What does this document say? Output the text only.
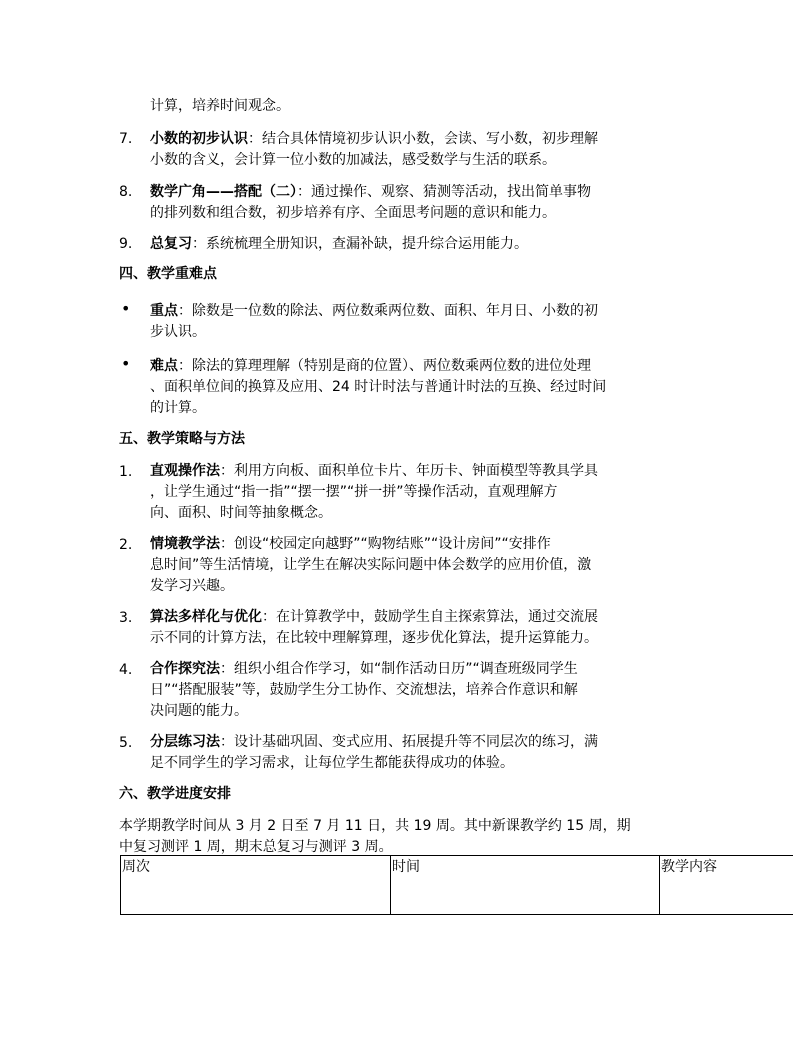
计算，培养时间观念。
7. 小数的初步认识：结合具体情境初步认识小数，会读、写小数，初步理解
小数的含义，会计算一位小数的加减法，感受数学与生活的联系。
8. 数学广角——搭配（二）：通过操作、观察、猜测等活动，找出简单事物
的排列数和组合数，初步培养有序、全面思考问题的意识和能力。
9. 总复习：系统梳理全册知识，查漏补缺，提升综合运用能力。
四、教学重难点
• 重点：除数是一位数的除法、两位数乘两位数、面积、年月日、小数的初
步认识。
• 难点：除法的算理理解（特别是商的位置）、两位数乘两位数的进位处理
、面积单位间的换算及应用、24 时计时法与普通计时法的互换、经过时间
的计算。
五、教学策略与方法
1. 直观操作法：利用方向板、面积单位卡片、年历卡、钟面模型等教具学具
，让学生通过“指一指”“摆一摆”“拼一拼”等操作活动，直观理解方
向、面积、时间等抽象概念。
2. 情境教学法：创设“校园定向越野”“购物结账”“设计房间”“安排作
息时间”等生活情境，让学生在解决实际问题中体会数学的应用价值，激
发学习兴趣。
3. 算法多样化与优化：在计算教学中，鼓励学生自主探索算法，通过交流展
示不同的计算方法，在比较中理解算理，逐步优化算法，提升运算能力。
4. 合作探究法：组织小组合作学习，如“制作活动日历”“调查班级同学生
日”“搭配服装”等，鼓励学生分工协作、交流想法，培养合作意识和解
决问题的能力。
5. 分层练习法：设计基础巩固、变式应用、拓展提升等不同层次的练习，满
足不同学生的学习需求，让每位学生都能获得成功的体验。
六、教学进度安排
本学期教学时间从 3 月 2 日至 7 月 11 日，共 19 周。其中新课教学约 15 周，期
中复习测评 1 周，期末总复习与测评 3 周。
周次	时间	教学内容
